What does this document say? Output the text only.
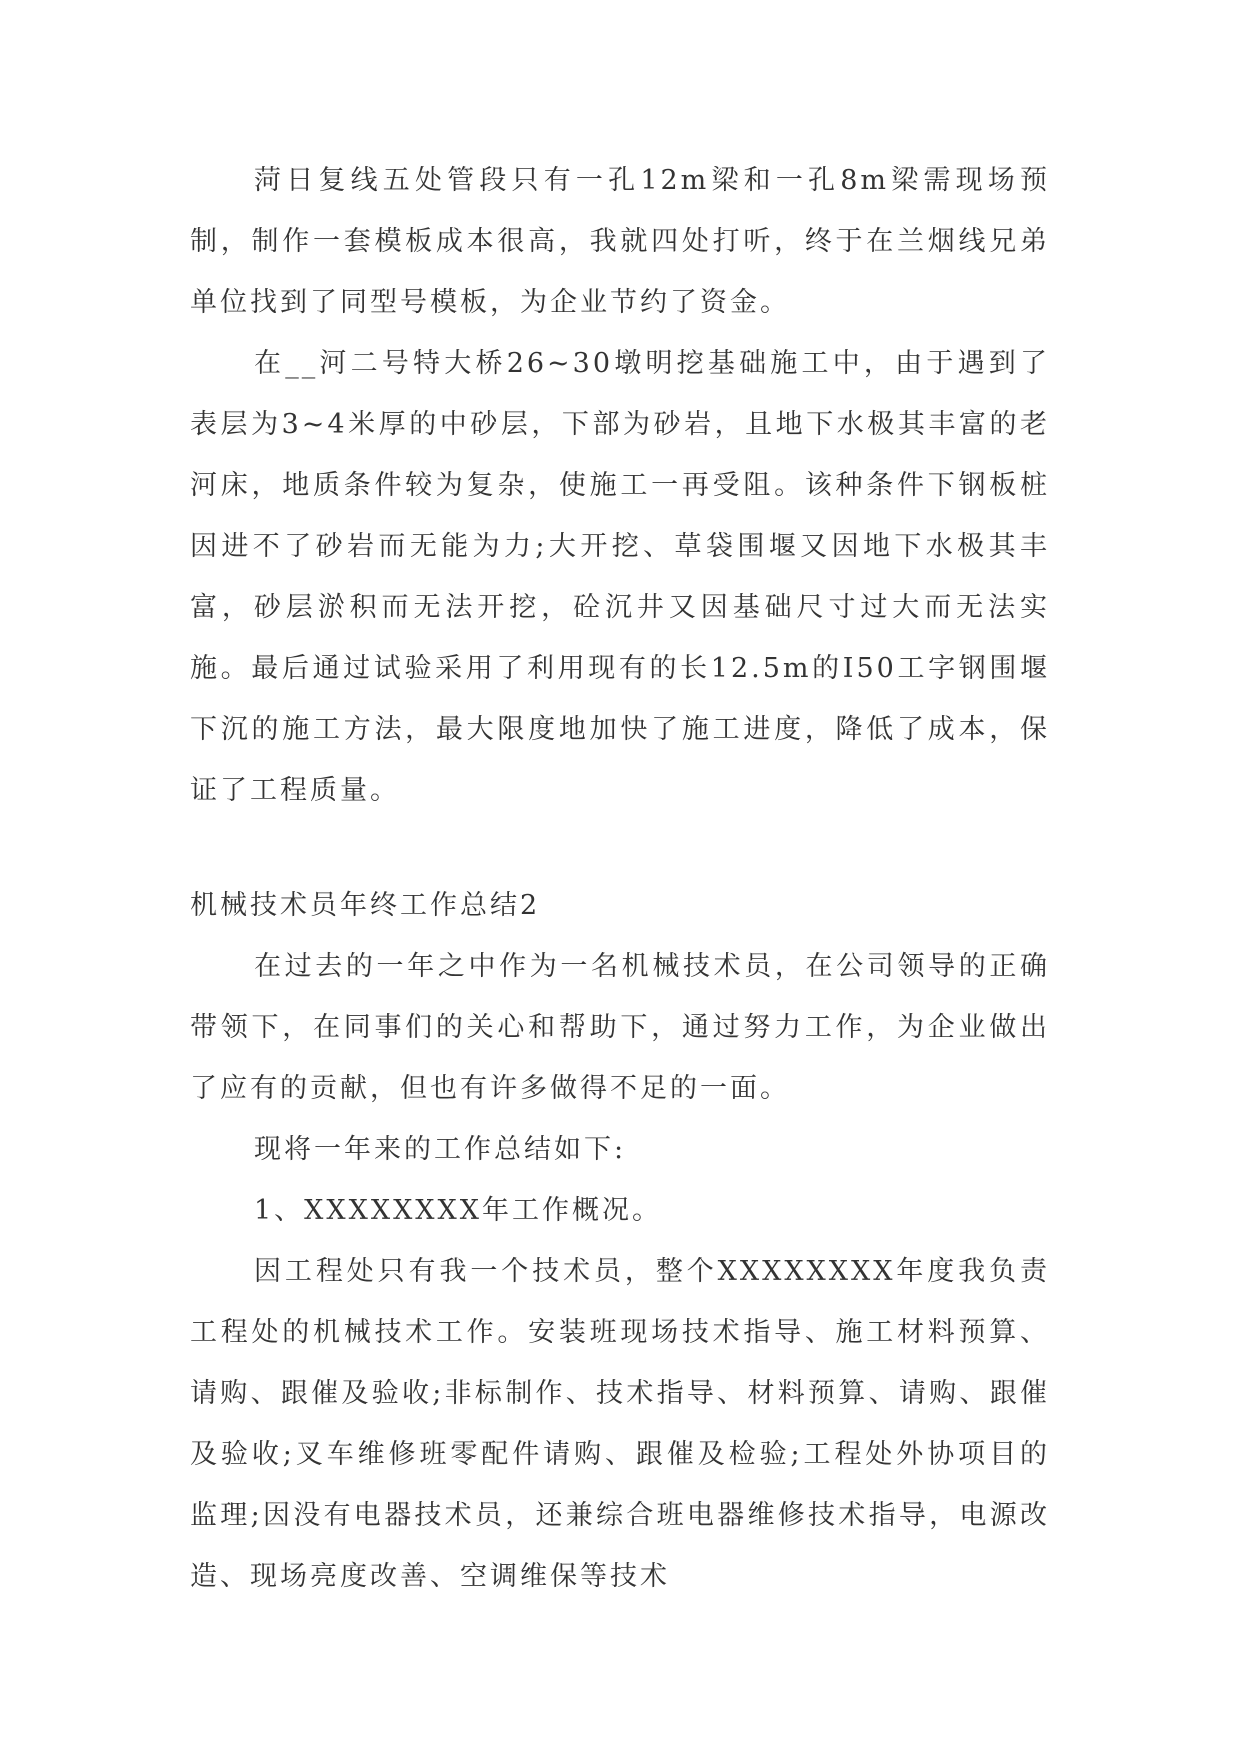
菏日复线五处管段只有一孔12m梁和一孔8m梁需现场预制，制作一套模板成本很高，我就四处打听，终于在兰烟线兄弟单位找到了同型号模板，为企业节约了资金。

在__河二号特大桥26~30墩明挖基础施工中，由于遇到了表层为3~4米厚的中砂层，下部为砂岩，且地下水极其丰富的老河床，地质条件较为复杂，使施工一再受阻。该种条件下钢板桩因进不了砂岩而无能为力;大开挖、草袋围堰又因地下水极其丰富，砂层淤积而无法开挖，砼沉井又因基础尺寸过大而无法实施。最后通过试验采用了利用现有的长12.5m的I50工字钢围堰下沉的施工方法，最大限度地加快了施工进度，降低了成本，保证了工程质量。

机械技术员年终工作总结2

在过去的一年之中作为一名机械技术员，在公司领导的正确带领下，在同事们的关心和帮助下，通过努力工作，为企业做出了应有的贡献，但也有许多做得不足的一面。

现将一年来的工作总结如下:

1、XXXXXXXX年工作概况。

因工程处只有我一个技术员，整个XXXXXXXX年度我负责工程处的机械技术工作。安装班现场技术指导、施工材料预算、请购、跟催及验收;非标制作、技术指导、材料预算、请购、跟催及验收;叉车维修班零配件请购、跟催及检验;工程处外协项目的监理;因没有电器技术员，还兼综合班电器维修技术指导，电源改造、现场亮度改善、空调维保等技术
